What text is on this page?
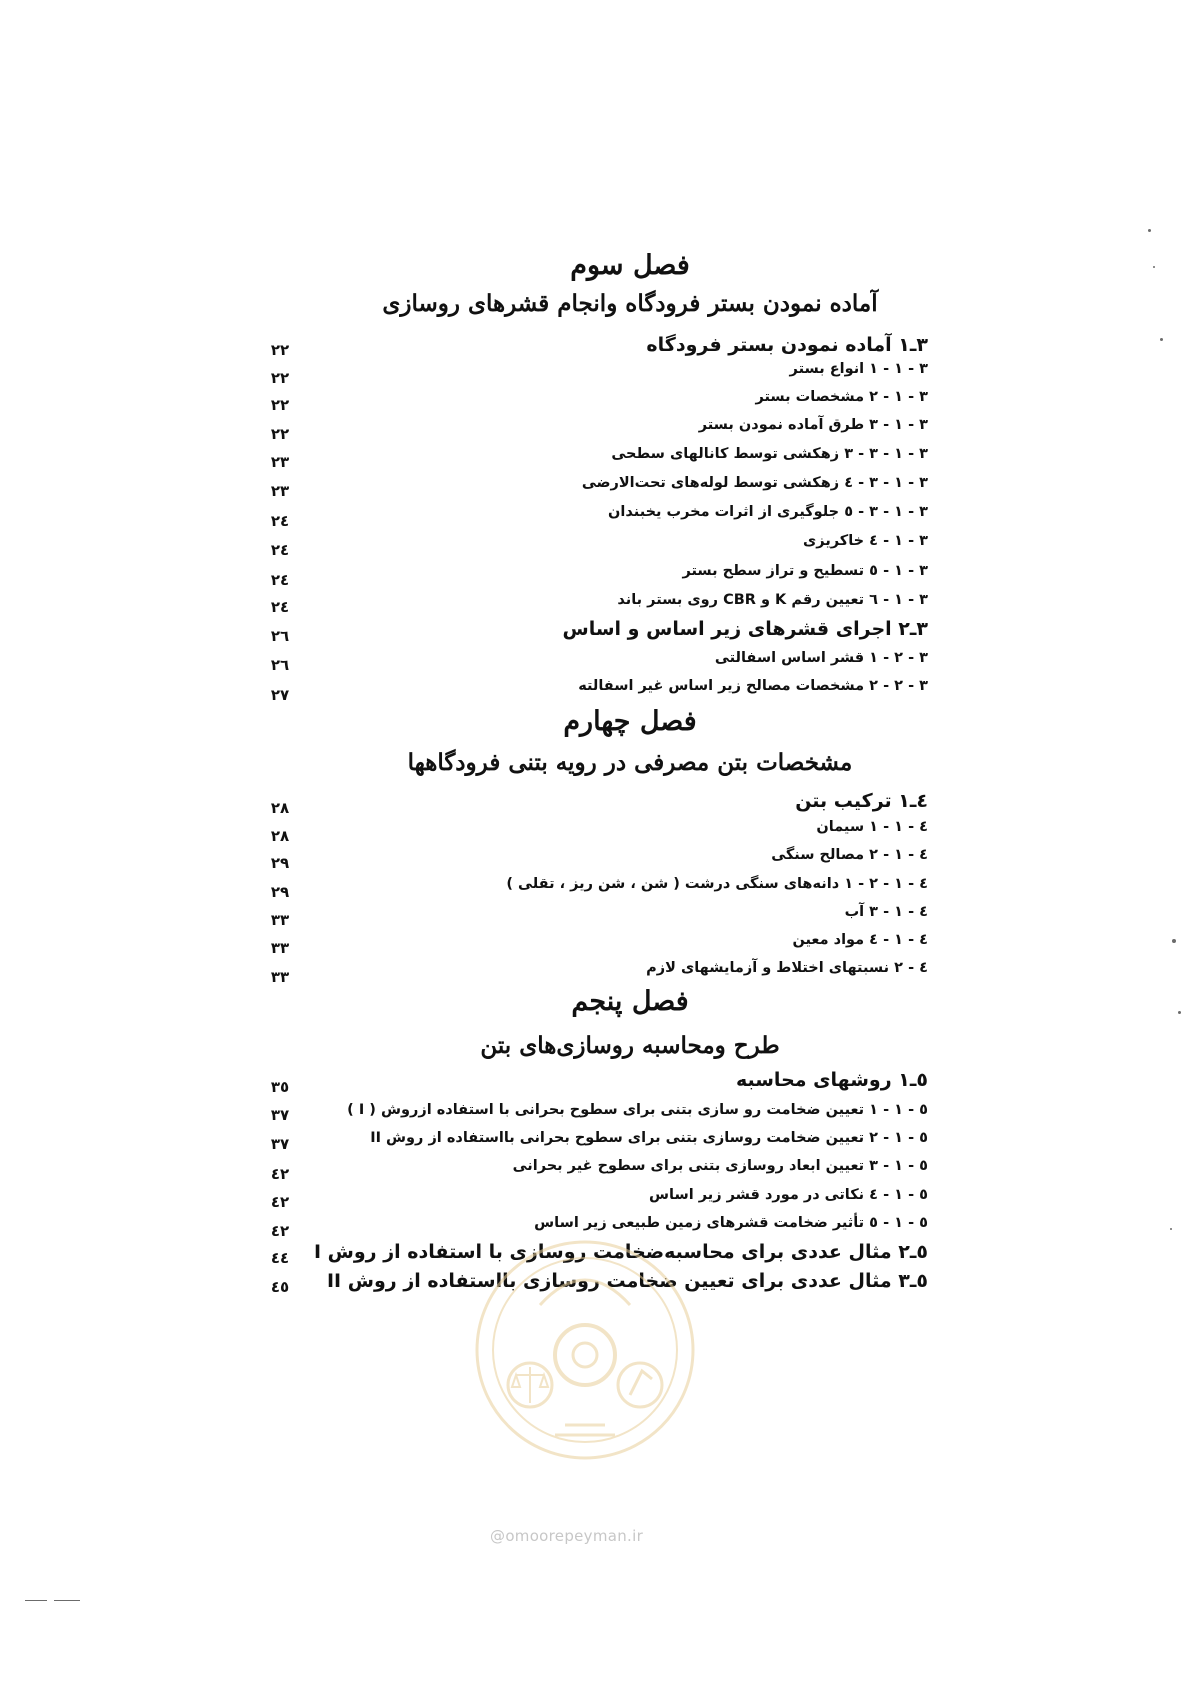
فصل سوم
آماده نمودن بستر فرودگاه وانجام قشرهای روسازی
۳ـ۱ آماده نمودن بستر فرودگاه
۲۲
۳ - ۱ - ۱ انواع بستر
۲۲
۳ - ۱ - ۲ مشخصات بستر
۲۲
۳ - ۱ - ۳ طرق آماده نمودن بستر
۲۲
۳ - ۱ - ۳ - ۳ زهکشی توسط کانالهای سطحی
۲۳
۳ - ۱ - ۳ - ٤ زهکشی توسط لوله‌های تحت‌الارضی
۲۳
۳ - ۱ - ۳ - ٥ جلوگیری از اثرات مخرب یخبندان
۲٤
۳ - ۱ - ٤ خاکریزی
۲٤
۳ - ۱ - ٥ تسطیح و تراز سطح بستر
۲٤
۳ - ۱ - ٦ تعیین رقم K و CBR روی بستر باند
۲٤
۳ـ۲ اجرای قشرهای زیر اساس و اساس
۲٦
۳ - ۲ - ۱ قشر اساس اسفالتی
۲٦
۳ - ۲ - ۲ مشخصات مصالح زیر اساس غیر اسفالته
۲۷
فصل چهارم
مشخصات بتن مصرفی در رویه بتنی فرودگاهها
٤ـ۱ ترکیب بتن
۲۸
٤ - ۱ - ۱ سیمان
۲۸
٤ - ۱ - ۲ مصالح سنگی
۲۹
٤ - ۱ - ۲ - ۱ دانه‌های سنگی درشت ( شن ، شن ریز ، تقلی )
۲۹
٤ - ۱ - ۳ آب
۳۳
٤ - ۱ - ٤ مواد معین
۳۳
٤ - ۲ نسبتهای اختلاط و آزمایشهای لازم
۳۳
فصل پنجم
طرح ومحاسبه روسازی‌های بتن
٥ـ۱ روشهای محاسبه
۳٥
٥ - ۱ - ۱ تعیین ضخامت رو سازی بتنی برای سطوح بحرانی با استفاده ازروش ( I )
۳۷
٥ - ۱ - ۲ تعیین ضخامت روسازی بتنی برای سطوح بحرانی بااستفاده از روش II
۳۷
٥ - ۱ - ۳ تعیین ابعاد روسازی بتنی برای سطوح غیر بحرانی
٤۲
٥ - ۱ - ٤ نکاتی در مورد قشر زیر اساس
٤۲
٥ - ۱ - ٥ تأثیر ضخامت قشرهای زمین طبیعی زیر اساس
٤۲
٥ـ۲ مثال عددی برای محاسبه‌ضخامت روسازی با استفاده از روش I
٤٤
٥ـ۳ مثال عددی برای تعیین ضخامت روسازی بااستفاده از روش II
٤٥
@omoorepeyman.ir
